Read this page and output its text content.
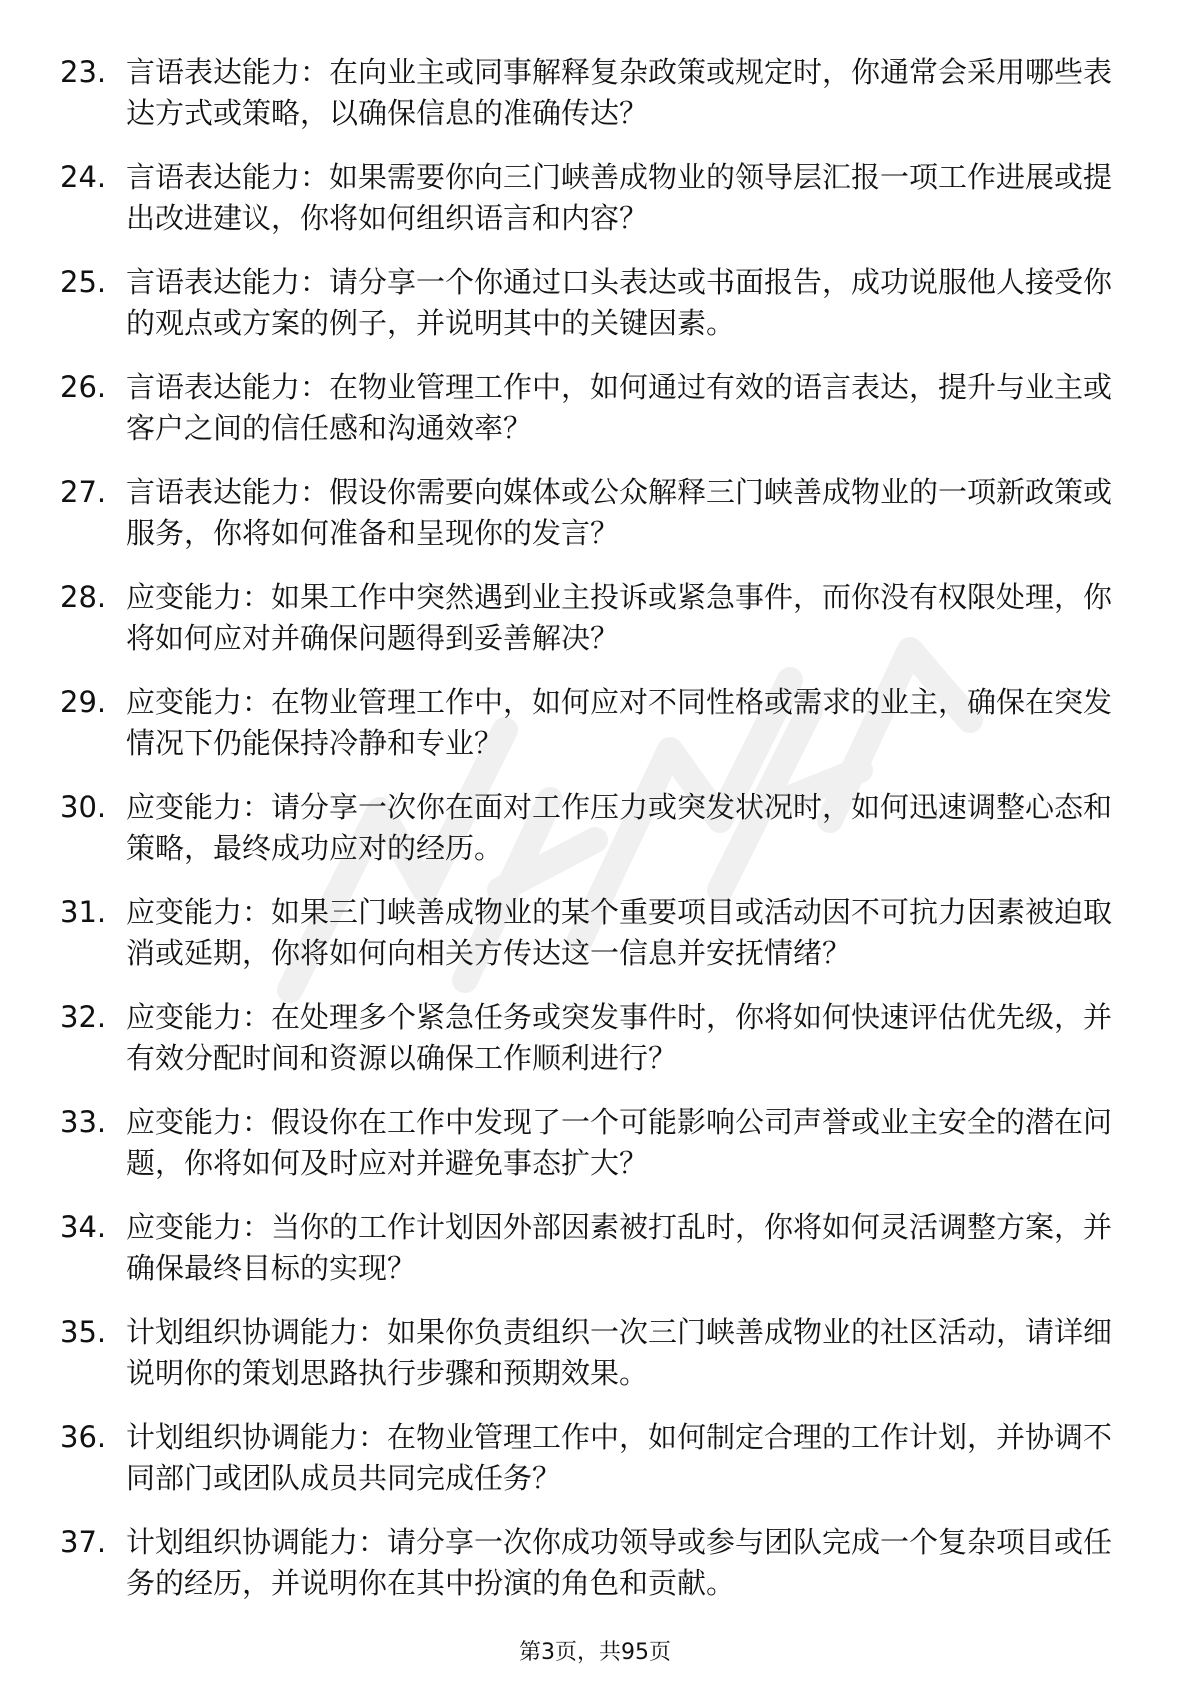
23. 言语表达能力：在向业主或同事解释复杂政策或规定时，你通常会采用哪些表达方式或策略，以确保信息的准确传达？
24. 言语表达能力：如果需要你向三门峡善成物业的领导层汇报一项工作进展或提出改进建议，你将如何组织语言和内容？
25. 言语表达能力：请分享一个你通过口头表达或书面报告，成功说服他人接受你的观点或方案的例子，并说明其中的关键因素。
26. 言语表达能力：在物业管理工作中，如何通过有效的语言表达，提升与业主或客户之间的信任感和沟通效率？
27. 言语表达能力：假设你需要向媒体或公众解释三门峡善成物业的一项新政策或服务，你将如何准备和呈现你的发言？
28. 应变能力：如果工作中突然遇到业主投诉或紧急事件，而你没有权限处理，你将如何应对并确保问题得到妥善解决？
29. 应变能力：在物业管理工作中，如何应对不同性格或需求的业主，确保在突发情况下仍能保持冷静和专业？
30. 应变能力：请分享一次你在面对工作压力或突发状况时，如何迅速调整心态和策略，最终成功应对的经历。
31. 应变能力：如果三门峡善成物业的某个重要项目或活动因不可抗力因素被迫取消或延期，你将如何向相关方传达这一信息并安抚情绪？
32. 应变能力：在处理多个紧急任务或突发事件时，你将如何快速评估优先级，并有效分配时间和资源以确保工作顺利进行？
33. 应变能力：假设你在工作中发现了一个可能影响公司声誉或业主安全的潜在问题，你将如何及时应对并避免事态扩大？
34. 应变能力：当你的工作计划因外部因素被打乱时，你将如何灵活调整方案，并确保最终目标的实现？
35. 计划组织协调能力：如果你负责组织一次三门峡善成物业的社区活动，请详细说明你的策划思路执行步骤和预期效果。
36. 计划组织协调能力：在物业管理工作中，如何制定合理的工作计划，并协调不同部门或团队成员共同完成任务？
37. 计划组织协调能力：请分享一次你成功领导或参与团队完成一个复杂项目或任务的经历，并说明你在其中扮演的角色和贡献。
第3页，共95页
